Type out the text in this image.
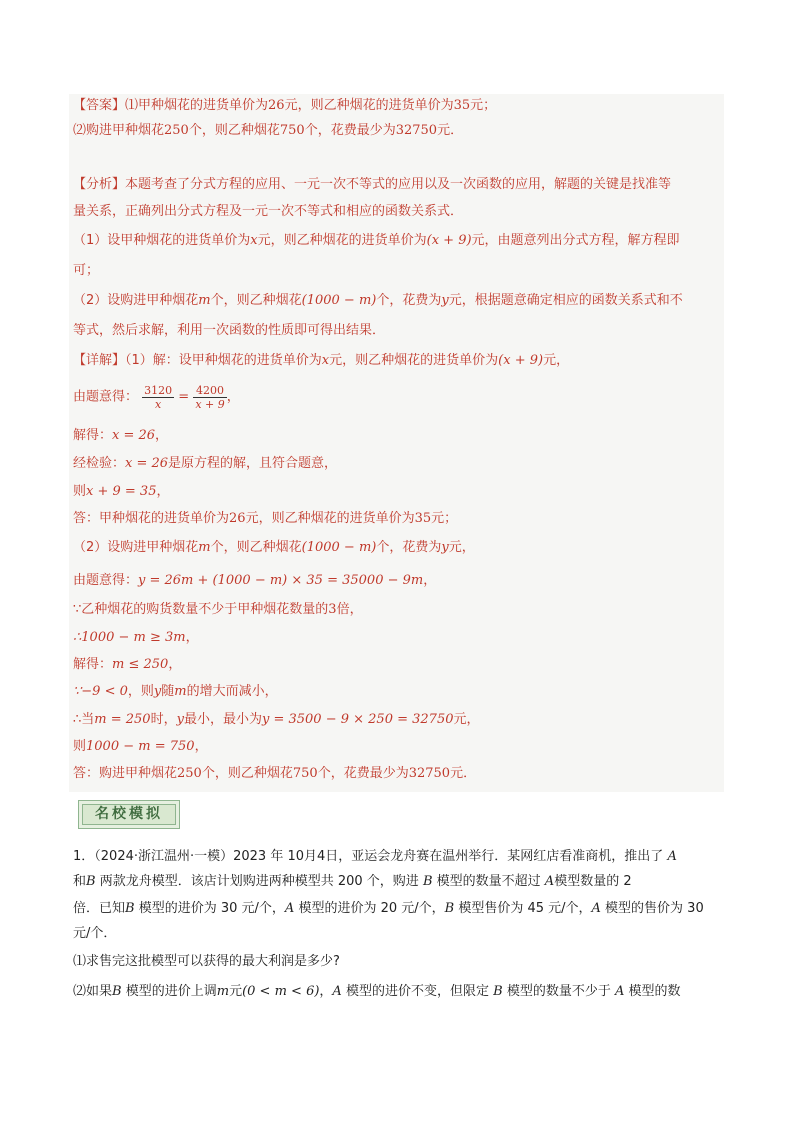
【答案】⑴甲种烟花的进货单价为26元，则乙种烟花的进货单价为35元；
⑵购进甲种烟花250个，则乙种烟花750个，花费最少为32750元．
【分析】本题考查了分式方程的应用、一元一次不等式的应用以及一次函数的应用，解题的关键是找准等
量关系，正确列出分式方程及一元一次不等式和相应的函数关系式．
（1）设甲种烟花的进货单价为x元，则乙种烟花的进货单价为(x + 9)元，由题意列出分式方程，解方程即
可；
（2）设购进甲种烟花m个，则乙种烟花(1000 − m)个，花费为y元，根据题意确定相应的函数关系式和不
等式，然后求解，利用一次函数的性质即可得出结果．
【详解】（1）解：设甲种烟花的进货单价为x元，则乙种烟花的进货单价为(x + 9)元，
由题意得： $\frac{3120}{x} = \frac{4200}{x + 9}$ ，
解得：x = 26，
经检验：x = 26是原方程的解，且符合题意，
则x + 9 = 35，
答：甲种烟花的进货单价为26元，则乙种烟花的进货单价为35元；
（2）设购进甲种烟花m个，则乙种烟花(1000 − m)个，花费为y元，
由题意得：y = 26m + (1000 − m) × 35 = 35000 − 9m，
∵乙种烟花的购货数量不少于甲种烟花数量的3倍，
∴1000 − m ≥ 3m，
解得：m ≤ 250，
∵−9 < 0，则y随m的增大而减小，
∴当m = 250时，y最小，最小为y = 3500 − 9 × 250 = 32750元，
则1000 − m = 750，
答：购进甲种烟花250个，则乙种烟花750个，花费最少为32750元．
名校模拟
1．（2024·浙江温州·一模）2023 年 10月4日，亚运会龙舟赛在温州举行．某网红店看准商机，推出了 A
和B 两款龙舟模型．该店计划购进两种模型共 200 个，购进 B 模型的数量不超过 A模型数量的 2
倍．已知B 模型的进价为 30 元/个，A 模型的进价为 20 元/个，B 模型售价为 45 元/个，A 模型的售价为 30
元/个．
⑴求售完这批模型可以获得的最大利润是多少?
⑵如果B 模型的进价上调m元(0 < m < 6)，A 模型的进价不变，但限定 B 模型的数量不少于 A 模型的数
